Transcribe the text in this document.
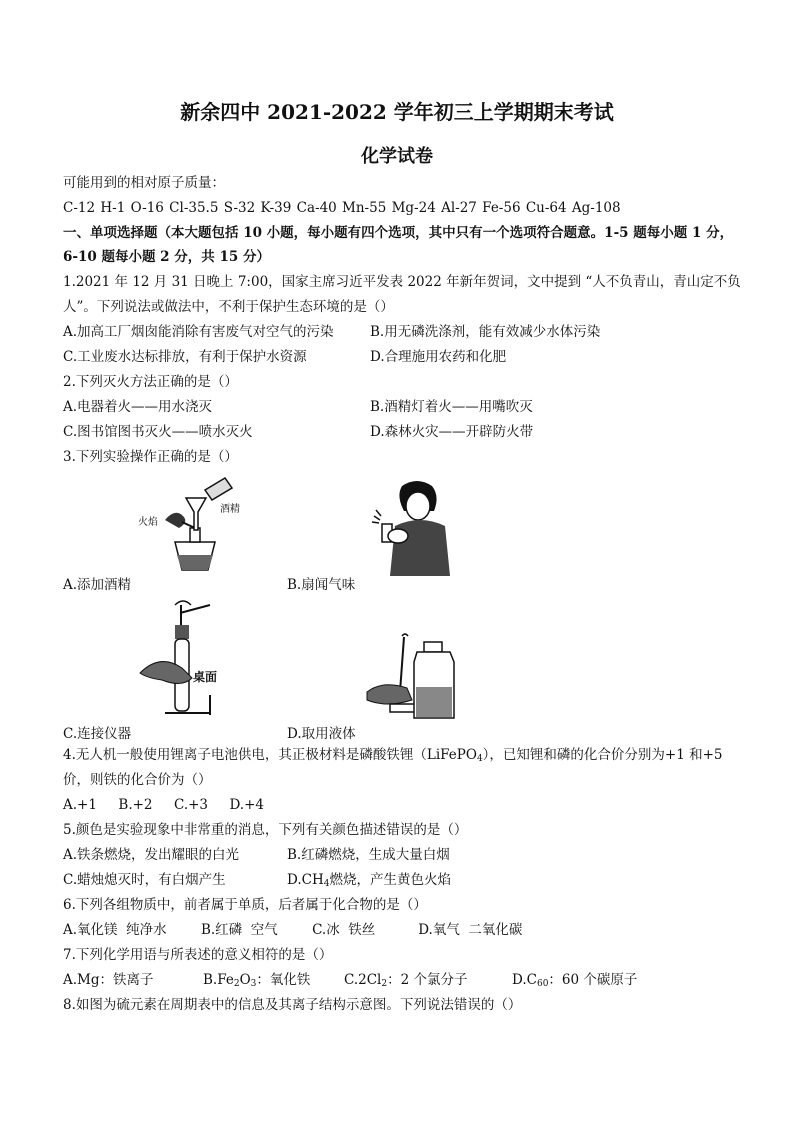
新余四中 2021-2022 学年初三上学期期末考试
化学试卷
可能用到的相对原子质量：
C-12 H-1 O-16 Cl-35.5 S-32 K-39 Ca-40 Mn-55 Mg-24 Al-27 Fe-56 Cu-64 Ag-108
一、单项选择题（本大题包括 10 小题，每小题有四个选项，其中只有一个选项符合题意。1-5 题每小题 1 分，
6-10 题每小题 2 分，共 15 分）
1.2021 年 12 月 31 日晚上 7:00，国家主席习近平发表 2022 年新年贺词，文中提到 “人不负青山，青山定不负
人”。下列说法或做法中，不利于保护生态环境的是（）
A.加高工厂烟囱能消除有害废气对空气的污染	B.用无磷洗涤剂，能有效减少水体污染
C.工业废水达标排放，有利于保护水资源	D.合理施用农药和化肥
2.下列灭火方法正确的是（）
A.电器着火——用水浇灭	B.酒精灯着火——用嘴吹灭
C.图书馆图书灭火——喷水灭火	D.森林火灾——开辟防火带
3.下列实验操作正确的是（）
火焰
酒精
A.添加酒精	B.扇闻气味
桌面
C.连接仪器	D.取用液体
4.无人机一般使用锂离子电池供电，其正极材料是磷酸铁锂（LiFePO$_4$），已知锂和磷的化合价分别为+1 和+5
价，则铁的化合价为（）
A.+1     B.+2     C.+3     D.+4
5.颜色是实验现象中非常重的消息，下列有关颜色描述错误的是（）
A.铁条燃烧，发出耀眼的白光	B.红磷燃烧，生成大量白烟
C.蜡烛熄灭时，有白烟产生	$D.CH_4$燃烧，产生黄色火焰
6.下列各组物质中，前者属于单质，后者属于化合物的是（）
A.氧化镁  纯净水        B.红磷  空气        C.冰  铁丝          D.氧气  二氧化碳
7.下列化学用语与所表述的意义相符的是（）
A.Mg：铁离子	$B.Fe_2O_3$：氧化铁 $C.2Cl_2$：2 个氯分子	$D.C_{60}$：60 个碳原子
8.如图为硫元素在周期表中的信息及其离子结构示意图。下列说法错误的（）
